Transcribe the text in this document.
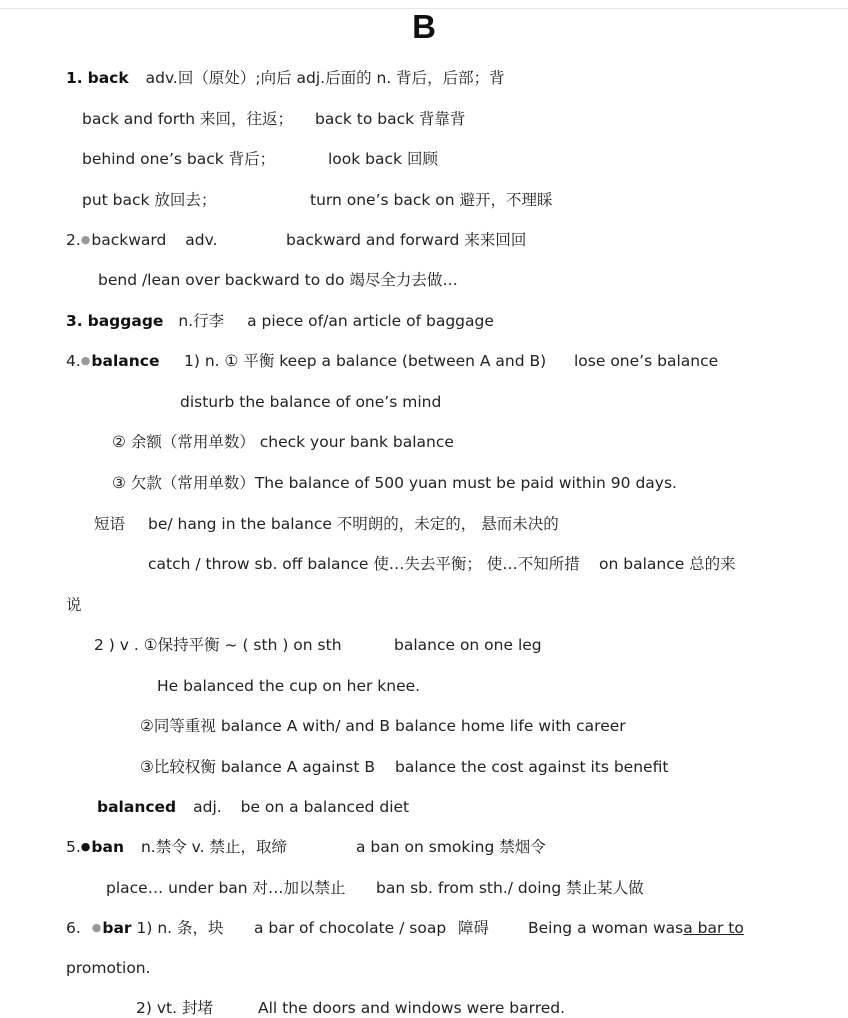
B
1. back adv.回（原处）;向后 adj.后面的 n. 背后，后部；背
back and forth 来回，往返； back to back 背靠背
behind one’s back 背后；	look back 回顾
put back 放回去；	turn one’s back on 避开，不理睬
2.●backward adv.	backward and forward 来来回回
bend /lean over backward to do 竭尽全力去做…
3. baggage n.行李 a piece of/an article of baggage
4.●balance 1) n. ① 平衡 keep a balance (between A and B) lose one’s balance
disturb the balance of one’s mind
② 余额（常用单数） check your bank balance
③ 欠款（常用单数）The balance of 500 yuan must be paid within 90 days.
短语 be/ hang in the balance 不明朗的，未定的， 悬而未决的
catch / throw sb. off balance 使…失去平衡； 使…不知所措 on balance 总的来
说
2 ) v . ①保持平衡 ~ ( sth ) on sth	balance on one leg
He balanced the cup on her knee.
②同等重视 balance A with/ and B balance home life with career
③比较权衡 balance A against B balance the cost against its benefit
balanced adj. be on a balanced diet
5.●ban n.禁令 v. 禁止，取缔	a ban on smoking 禁烟令
place… under ban 对…加以禁止 ban sb. from sth./ doing 禁止某人做
6. ●bar 1) n. 条，块 a bar of chocolate / soap 障碍	Being a woman wasa bar to
promotion.
2) vt. 封堵	All the doors and windows were barred.
